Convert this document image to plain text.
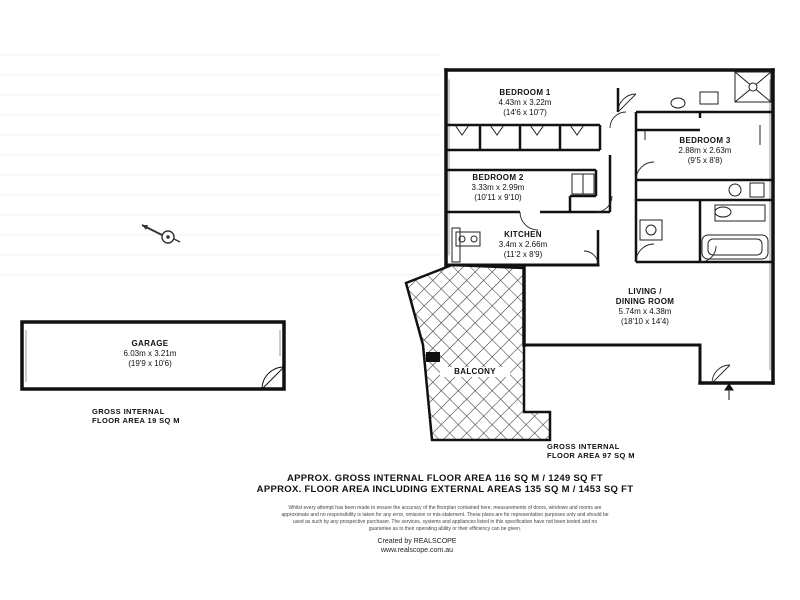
BEDROOM 1
4.43m x 3.22m
(14'6 x 10'7)
BEDROOM 2
3.33m x 2.99m
(10'11 x 9'10)
BEDROOM 3
2.88m x 2.63m
(9'5 x 8'8)
KITCHEN
3.4m x 2.66m
(11'2 x 8'9)
LIVING /
DINING ROOM
5.74m x 4.38m
(18'10 x 14'4)
GARAGE
6.03m x 3.21m
(19'9 x 10'6)
BALCONY
GROSS INTERNAL
FLOOR AREA 19 SQ M
GROSS INTERNAL
FLOOR AREA 97 SQ M
APPROX. GROSS INTERNAL FLOOR AREA 116 SQ M / 1249 SQ FT
APPROX. FLOOR AREA INCLUDING EXTERNAL AREAS 135 SQ M / 1453 SQ FT
Whilst every attempt has been made to ensure the accuracy of the floorplan contained here, measurements of doors, windows and rooms are
approximate and no responsibility is taken for any error, omission or mis-statement. These plans are for representation purposes only and should be
used as such by any prospective purchaser. The services, systems and appliances listed in this specification have not been tested and no
guarantee as to their operating ability or their efficiency can be given.
Created by REALSCOPE
www.realscope.com.au
